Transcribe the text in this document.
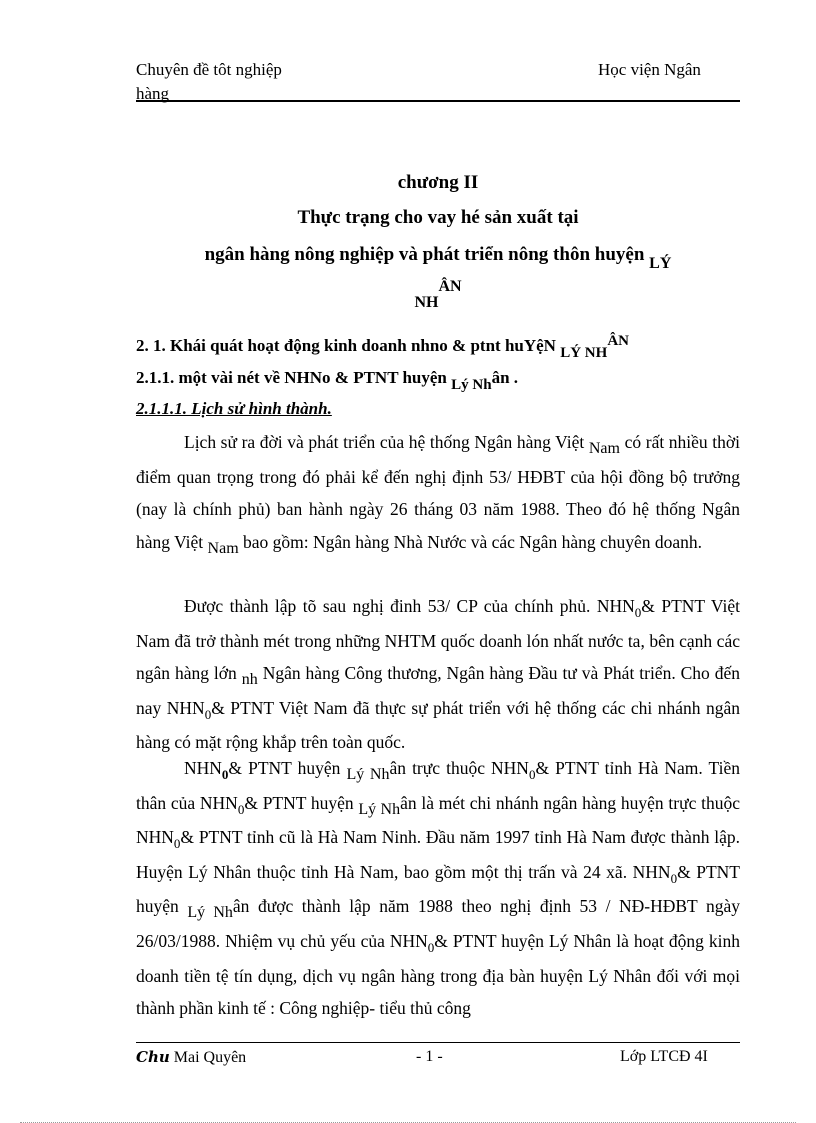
Chuyên đề tôt nghiệp
hàng
Học viện Ngân
chương II
Thực trạng cho vay hé sản xuất tại
ngân hàng nông nghiệp và phát triển nông thôn huyện $_{LÝ}$
$_{NH}^{ÂN}$
2. 1. Khái quát hoạt động kinh doanh nhno & ptnt huYệN LÝ NHÂN
2.1.1. một vài nét về NHNo & PTNT huyện Lý Nhân .
2.1.1.1. Lịch sử hình thành.

Lịch sử ra đời và phát triển của hệ thống Ngân hàng Việt Nam có rất nhiều thời điểm quan trọng trong đó phải kể đến nghị định 53/ HĐBT của hội đồng bộ trưởng (nay là chính phủ) ban hành ngày 26 tháng 03 năm 1988. Theo đó hệ thống Ngân hàng Việt Nam bao gồm: Ngân hàng Nhà Nước và các Ngân hàng chuyên doanh.

Được thành lập tõ sau nghị đinh 53/ CP của chính phủ. $NHN_0\&$ PTNT Việt Nam đã trở thành mét trong những NHTM quốc doanh lón nhất nước ta, bên cạnh các ngân hàng lớn nh Ngân hàng Công thương, Ngân hàng Đầu tư và Phát triển. Cho đến nay $NHN_0\&$ PTNT Việt Nam đã thực sự phát triển với hệ thống các chi nhánh ngân hàng có mặt rộng khắp trên toàn quốc.

$NHN_0\&$ PTNT huyện Lý Nhân trực thuộc $NHN_0\&$ PTNT tỉnh Hà Nam. Tiền thân của $NHN_0\&$ PTNT huyện Lý Nhân là mét chi nhánh ngân hàng huyện trực thuộc $NHN_0\&$ PTNT tỉnh cũ là Hà Nam Ninh. Đầu năm 1997 tỉnh Hà Nam được thành lập. Huyện Lý Nhân thuộc tỉnh Hà Nam, bao gồm một thị trấn và 24 xã. $NHN_0\&$ PTNT huyện Lý Nhân được thành lập năm 1988 theo nghị định 53 / NĐ-HĐBT ngày 26/03/1988. Nhiệm vụ chủ yếu của $NHN_0\&$ PTNT huyện Lý Nhân là hoạt động kinh doanh tiền tệ tín dụng, dịch vụ ngân hàng trong địa bàn huyện Lý Nhân đối với mọi thành phần kinh tế : Công nghiệp- tiểu thủ công

Chu Mai Quyên	- 1 -	Lớp LTCĐ 4I
